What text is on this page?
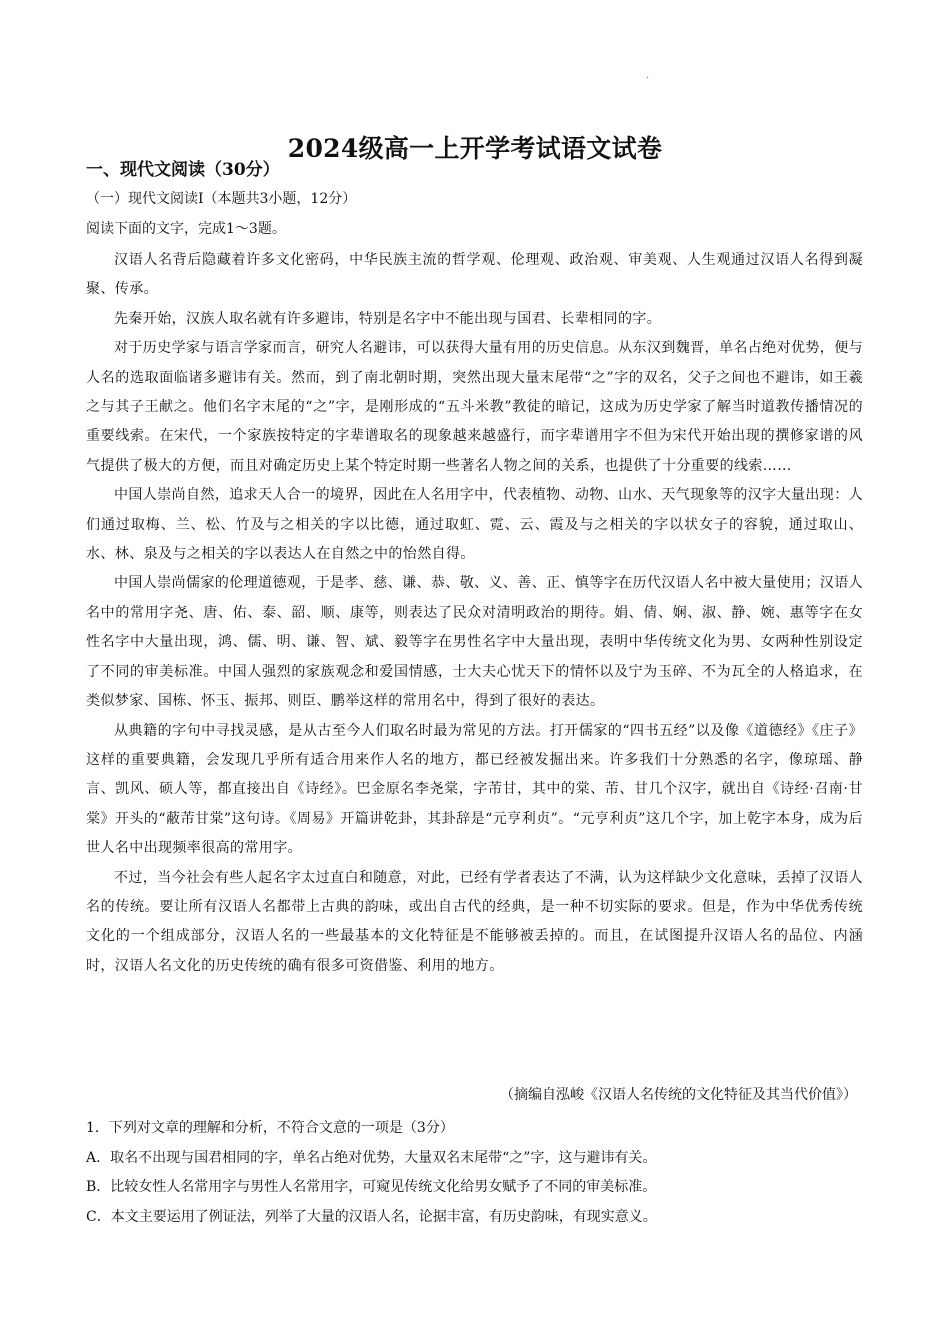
.
2024级高一上开学考试语文试卷
一、现代文阅读（30分）
（一）现代文阅读Ⅰ（本题共3小题，12分）
阅读下面的文字，完成1～3题。

汉语人名背后隐藏着许多文化密码，中华民族主流的哲学观、伦理观、政治观、审美观、人生观通过汉语人名得到凝聚、传承。

先秦开始，汉族人取名就有许多避讳，特别是名字中不能出现与国君、长辈相同的字。

对于历史学家与语言学家而言，研究人名避讳，可以获得大量有用的历史信息。从东汉到魏晋，单名占绝对优势，便与人名的选取面临诸多避讳有关。然而，到了南北朝时期，突然出现大量末尾带“之”字的双名，父子之间也不避讳，如王羲之与其子王献之。他们名字末尾的“之”字，是刚形成的“五斗米教”教徒的暗记，这成为历史学家了解当时道教传播情况的重要线索。在宋代，一个家族按特定的字辈谱取名的现象越来越盛行，而字辈谱用字不但为宋代开始出现的撰修家谱的风气提供了极大的方便，而且对确定历史上某个特定时期一些著名人物之间的关系，也提供了十分重要的线索……

中国人崇尚自然，追求天人合一的境界，因此在人名用字中，代表植物、动物、山水、天气现象等的汉字大量出现：人们通过取梅、兰、松、竹及与之相关的字以比德，通过取虹、霓、云、霞及与之相关的字以状女子的容貌，通过取山、水、林、泉及与之相关的字以表达人在自然之中的怡然自得。

中国人崇尚儒家的伦理道德观，于是孝、慈、谦、恭、敬、义、善、正、慎等字在历代汉语人名中被大量使用；汉语人名中的常用字尧、唐、佑、泰、韶、顺、康等，则表达了民众对清明政治的期待。娟、倩、娴、淑、静、婉、惠等字在女性名字中大量出现，鸿、儒、明、谦、智、斌、毅等字在男性名字中大量出现，表明中华传统文化为男、女两种性别设定了不同的审美标准。中国人强烈的家族观念和爱国情感，士大夫心忧天下的情怀以及宁为玉碎、不为瓦全的人格追求，在类似梦家、国栋、怀玉、振邦、则臣、鹏举这样的常用名中，得到了很好的表达。

从典籍的字句中寻找灵感，是从古至今人们取名时最为常见的方法。打开儒家的“四书五经”以及像《道德经》《庄子》这样的重要典籍，会发现几乎所有适合用来作人名的地方，都已经被发掘出来。许多我们十分熟悉的名字，像琼瑶、静言、凯风、硕人等，都直接出自《诗经》。巴金原名李尧棠，字芾甘，其中的棠、芾、甘几个汉字，就出自《诗经·召南·甘棠》开头的“蔽芾甘棠”这句诗。《周易》开篇讲乾卦，其卦辞是“元亨利贞”。“元亨利贞”这几个字，加上乾字本身，成为后世人名中出现频率很高的常用字。

不过，当今社会有些人起名字太过直白和随意，对此，已经有学者表达了不满，认为这样缺少文化意味，丢掉了汉语人名的传统。要让所有汉语人名都带上古典的韵味，或出自古代的经典，是一种不切实际的要求。但是，作为中华优秀传统文化的一个组成部分，汉语人名的一些最基本的文化特征是不能够被丢掉的。而且，在试图提升汉语人名的品位、内涵时，汉语人名文化的历史传统的确有很多可资借鉴、利用的地方。

（摘编自泓峻《汉语人名传统的文化特征及其当代价值》）
1．下列对文章的理解和分析，不符合文意的一项是（3分）
A．取名不出现与国君相同的字，单名占绝对优势，大量双名末尾带“之”字，这与避讳有关。
B．比较女性人名常用字与男性人名常用字，可窥见传统文化给男女赋予了不同的审美标准。
C．本文主要运用了例证法，列举了大量的汉语人名，论据丰富，有历史韵味，有现实意义。
